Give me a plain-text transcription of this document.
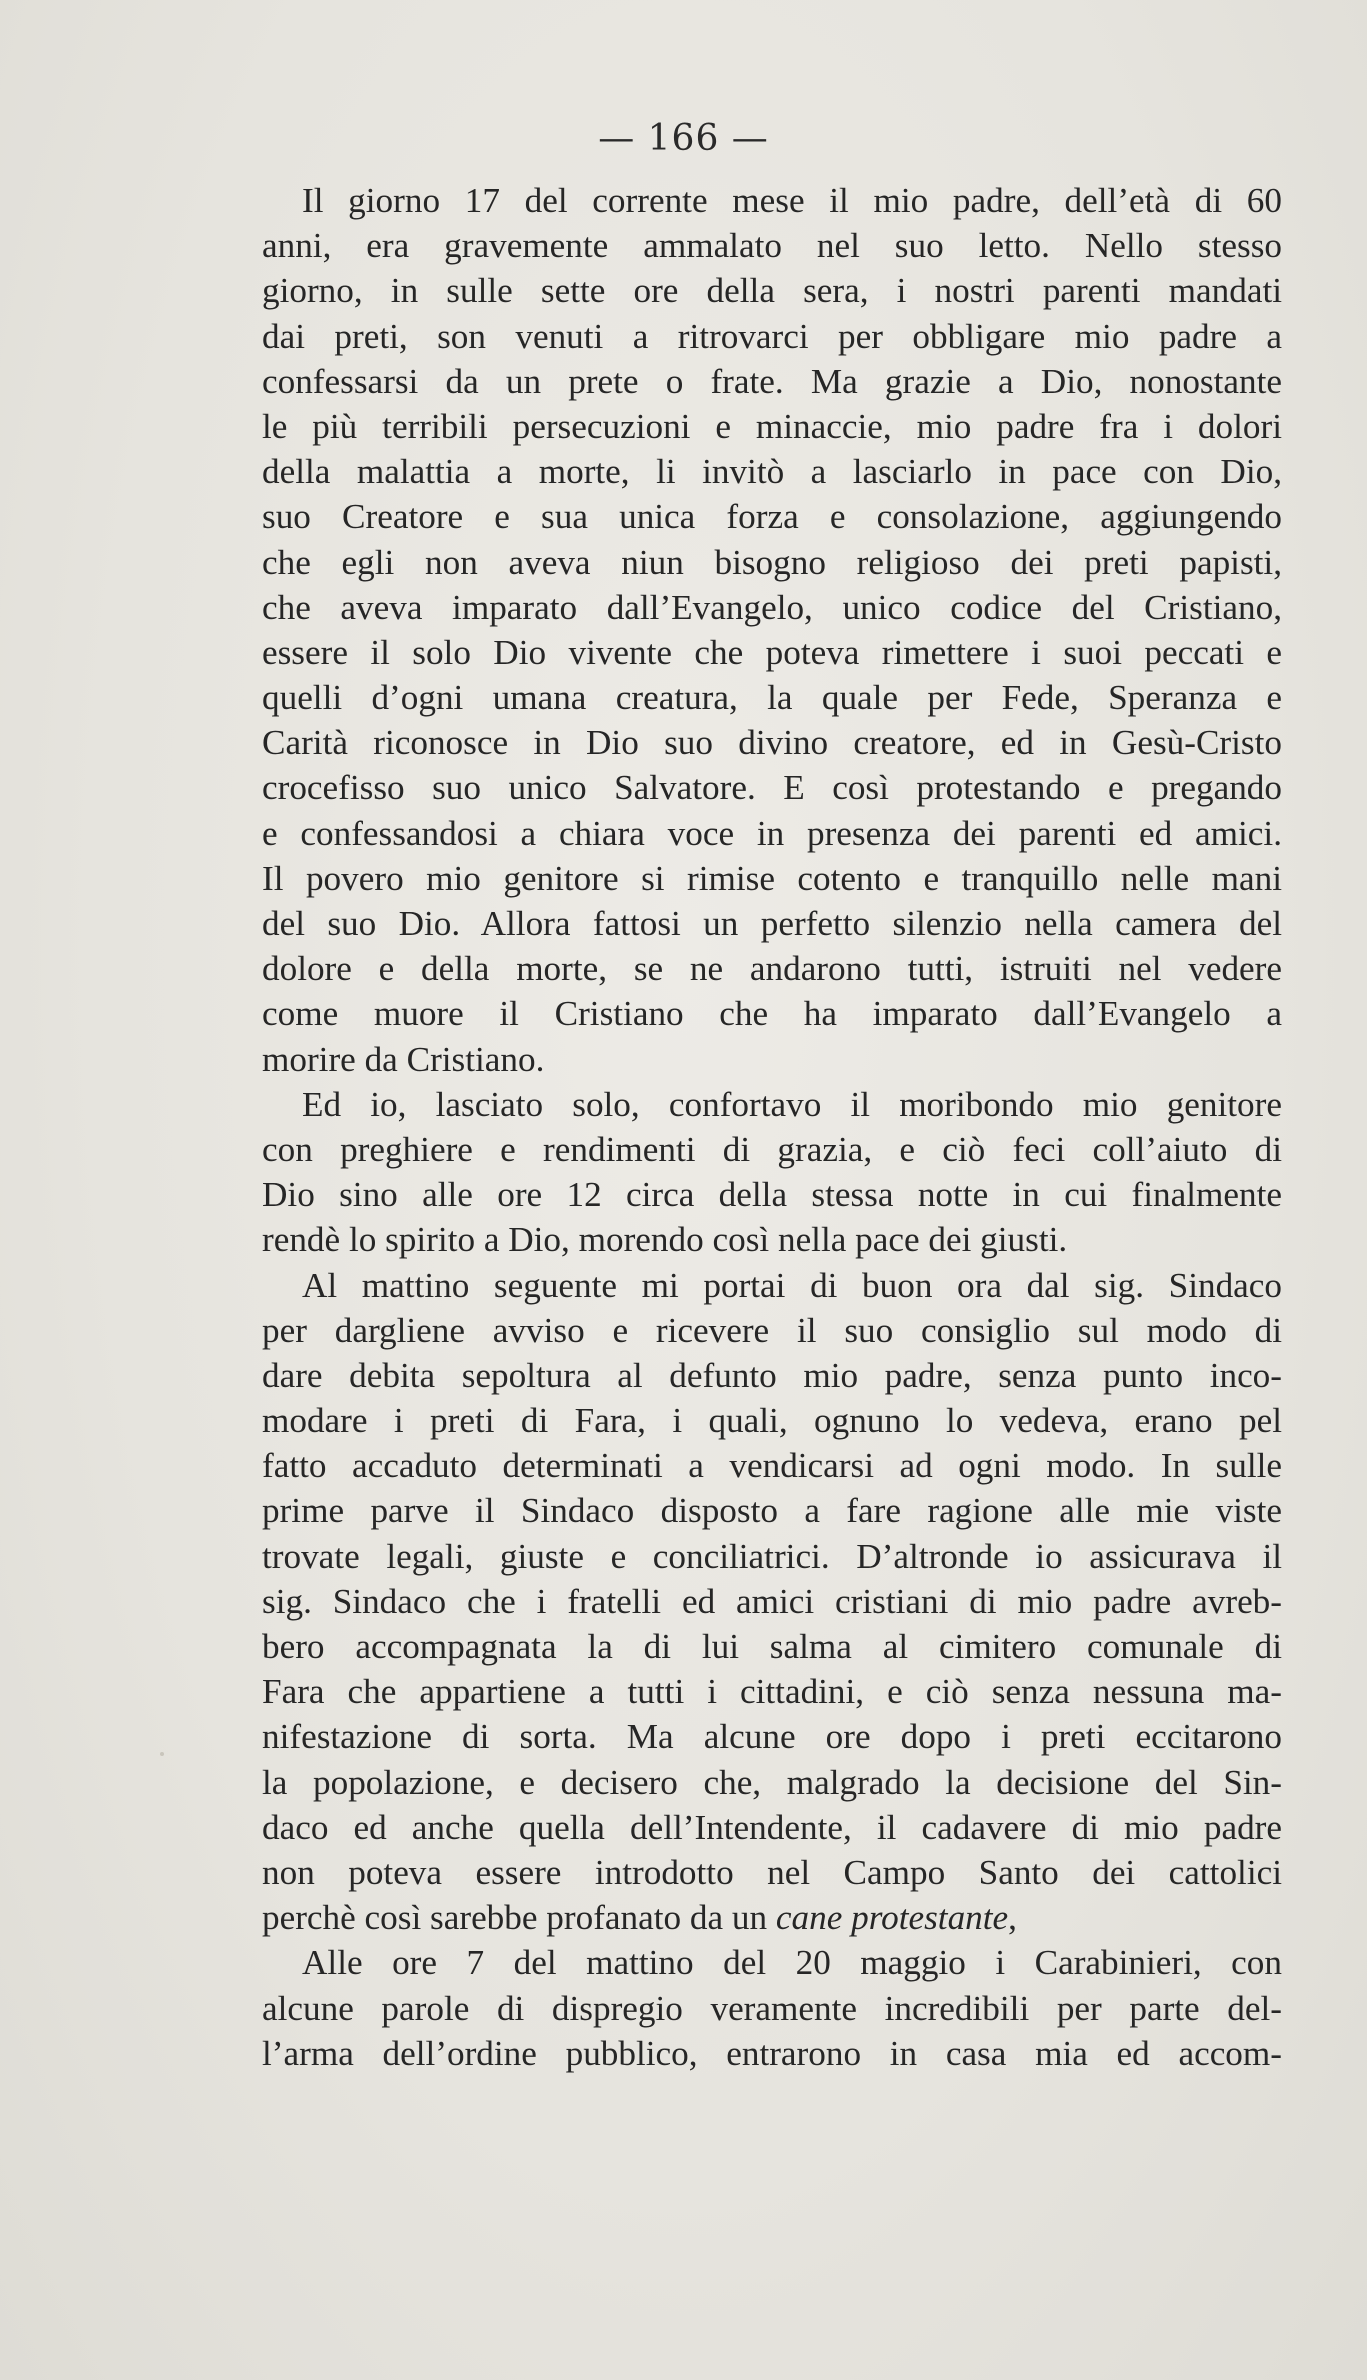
— 166 —
Il giorno 17 del corrente mese il mio padre, dell’età di 60
anni, era gravemente ammalato nel suo letto. Nello stesso
giorno, in sulle sette ore della sera, i nostri parenti mandati
dai preti, son venuti a ritrovarci per obbligare mio padre a
confessarsi da un prete o frate. Ma grazie a Dio, nonostante
le più terribili persecuzioni e minaccie, mio padre fra i dolori
della malattia a morte, li invitò a lasciarlo in pace con Dio,
suo Creatore e sua unica forza e consolazione, aggiungendo
che egli non aveva niun bisogno religioso dei preti papisti,
che aveva imparato dall’Evangelo, unico codice del Cristiano,
essere il solo Dio vivente che poteva rimettere i suoi peccati e
quelli d’ogni umana creatura, la quale per Fede, Speranza e
Carità riconosce in Dio suo divino creatore, ed in Gesù-Cristo
crocefisso suo unico Salvatore. E così protestando e pregando
e confessandosi a chiara voce in presenza dei parenti ed amici.
Il povero mio genitore si rimise cotento e tranquillo nelle mani
del suo Dio. Allora fattosi un perfetto silenzio nella camera del
dolore e della morte, se ne andarono tutti, istruiti nel vedere
come muore il Cristiano che ha imparato dall’Evangelo a
morire da Cristiano.
Ed io, lasciato solo, confortavo il moribondo mio genitore
con preghiere e rendimenti di grazia, e ciò feci coll’aiuto di
Dio sino alle ore 12 circa della stessa notte in cui finalmente
rendè lo spirito a Dio, morendo così nella pace dei giusti.
Al mattino seguente mi portai di buon ora dal sig. Sindaco
per dargliene avviso e ricevere il suo consiglio sul modo di
dare debita sepoltura al defunto mio padre, senza punto inco-
modare i preti di Fara, i quali, ognuno lo vedeva, erano pel
fatto accaduto determinati a vendicarsi ad ogni modo. In sulle
prime parve il Sindaco disposto a fare ragione alle mie viste
trovate legali, giuste e conciliatrici. D’altronde io assicurava il
sig. Sindaco che i fratelli ed amici cristiani di mio padre avreb-
bero accompagnata la di lui salma al cimitero comunale di
Fara che appartiene a tutti i cittadini, e ciò senza nessuna ma-
nifestazione di sorta. Ma alcune ore dopo i preti eccitarono
la popolazione, e decisero che, malgrado la decisione del Sin-
daco ed anche quella dell’Intendente, il cadavere di mio padre
non poteva essere introdotto nel Campo Santo dei cattolici
perchè così sarebbe profanato da un cane protestante,
Alle ore 7 del mattino del 20 maggio i Carabinieri, con
alcune parole di dispregio veramente incredibili per parte del-
l’arma dell’ordine pubblico, entrarono in casa mia ed accom-
